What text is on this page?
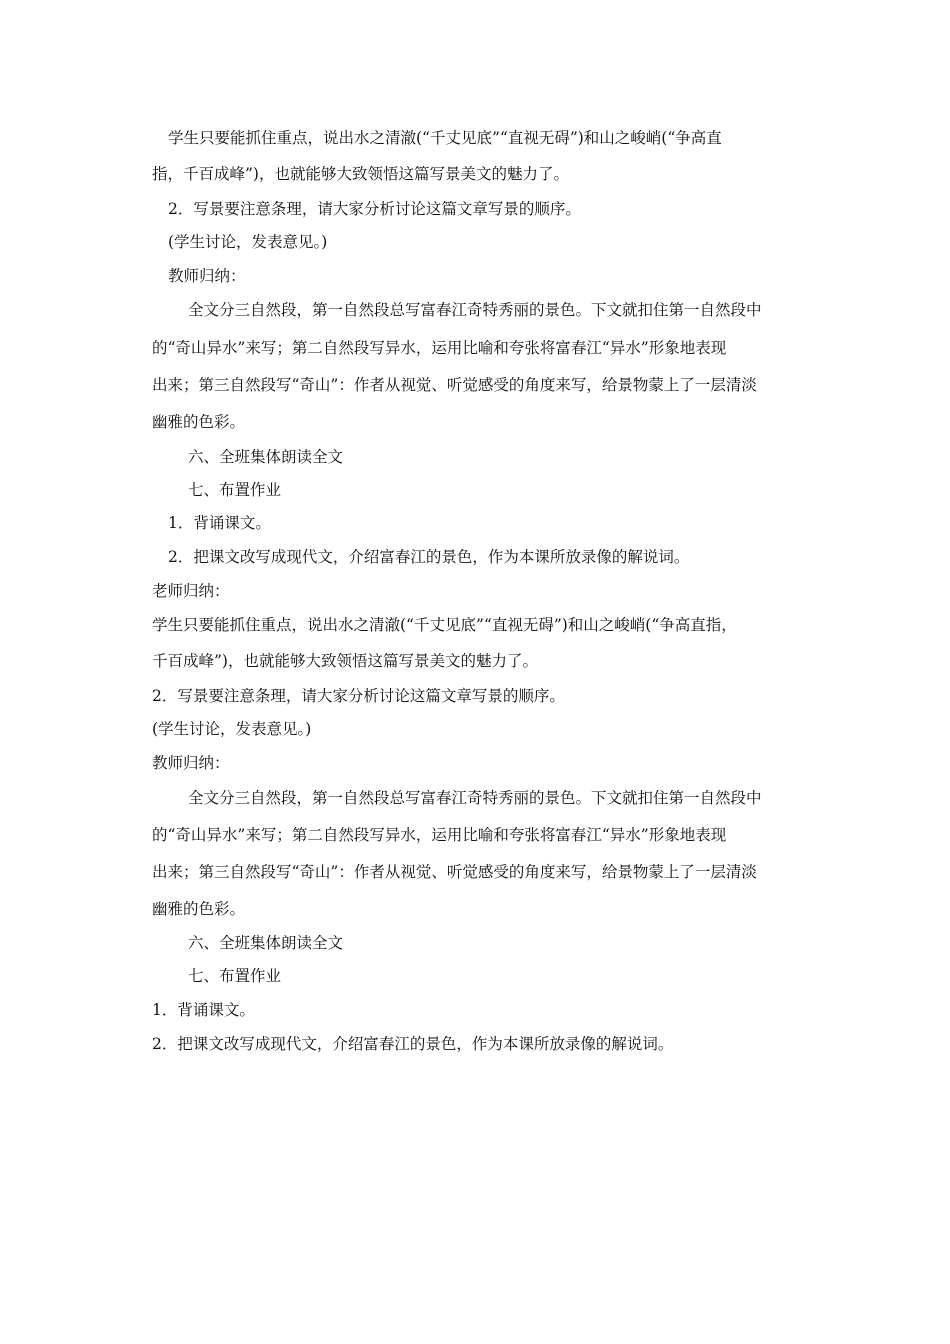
学生只要能抓住重点，说出水之清澈(“千丈见底”“直视无碍”)和山之峻峭(“争高直
指，千百成峰”)，也就能够大致领悟这篇写景美文的魅力了。
2．写景要注意条理，请大家分析讨论这篇文章写景的顺序。
(学生讨论，发表意见。)
教师归纳：
全文分三自然段，第一自然段总写富春江奇特秀丽的景色。下文就扣住第一自然段中
的“奇山异水”来写；第二自然段写异水，运用比喻和夸张将富春江“异水”形象地表现
出来；第三自然段写“奇山”：作者从视觉、听觉感受的角度来写，给景物蒙上了一层清淡
幽雅的色彩。
六、全班集体朗读全文
七、布置作业
1．背诵课文。
2．把课文改写成现代文，介绍富春江的景色，作为本课所放录像的解说词。
老师归纳：
学生只要能抓住重点，说出水之清澈(“千丈见底”“直视无碍”)和山之峻峭(“争高直指，
千百成峰”)，也就能够大致领悟这篇写景美文的魅力了。
2．写景要注意条理，请大家分析讨论这篇文章写景的顺序。
(学生讨论，发表意见。)
教师归纳：
全文分三自然段，第一自然段总写富春江奇特秀丽的景色。下文就扣住第一自然段中
的“奇山异水”来写；第二自然段写异水，运用比喻和夸张将富春江“异水”形象地表现
出来；第三自然段写“奇山”：作者从视觉、听觉感受的角度来写，给景物蒙上了一层清淡
幽雅的色彩。
六、全班集体朗读全文
七、布置作业
1．背诵课文。
2．把课文改写成现代文，介绍富春江的景色，作为本课所放录像的解说词。
